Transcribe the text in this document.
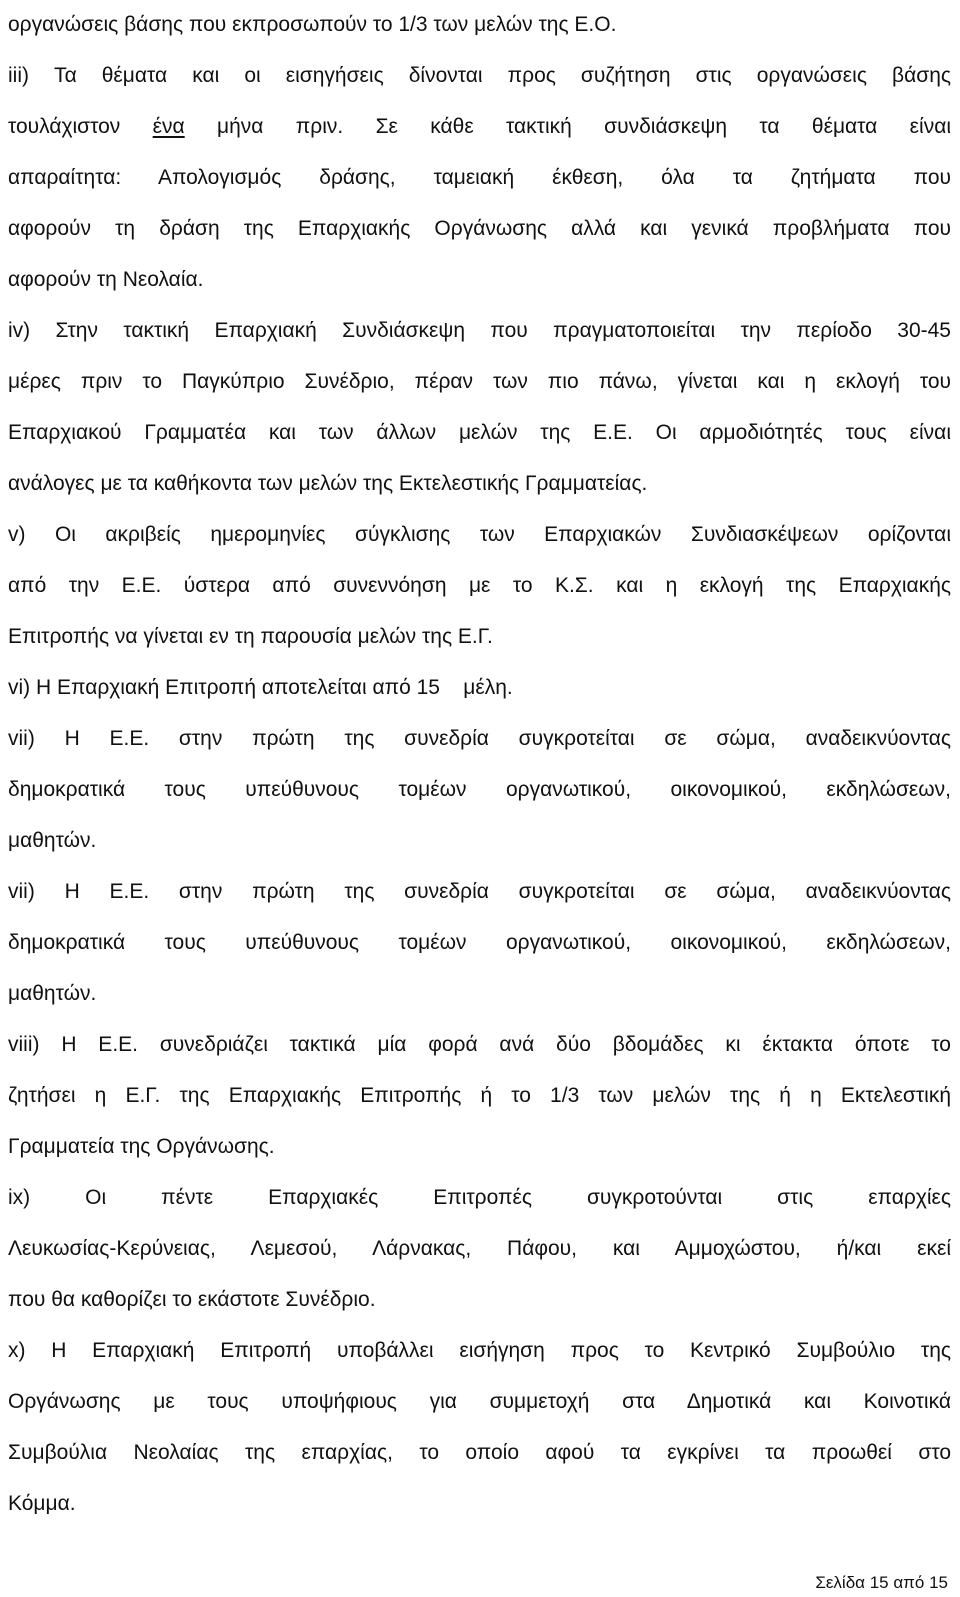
οργανώσεις βάσης που εκπροσωπούν το 1/3 των μελών της Ε.Ο.
iii) Τα θέματα και οι εισηγήσεις δίνονται προς συζήτηση στις οργανώσεις βάσης
τουλάχιστον ένα μήνα πριν. Σε κάθε τακτική συνδιάσκεψη τα θέματα είναι
απαραίτητα: Απολογισμός δράσης, ταμειακή έκθεση, όλα τα ζητήματα που
αφορούν τη δράση της Επαρχιακής Οργάνωσης αλλά και γενικά προβλήματα που
αφορούν τη Νεολαία.
iv) Στην τακτική Επαρχιακή Συνδιάσκεψη που πραγματοποιείται την περίοδο 30-45
μέρες πριν το Παγκύπριο Συνέδριο, πέραν των πιο πάνω, γίνεται και η εκλογή του
Επαρχιακού Γραμματέα και των άλλων μελών της Ε.Ε. Οι αρμοδιότητές τους είναι
ανάλογες με τα καθήκοντα των μελών της Εκτελεστικής Γραμματείας.
v) Οι ακριβείς ημερομηνίες σύγκλισης των Επαρχιακών Συνδιασκέψεων ορίζονται
από την Ε.Ε. ύστερα από συνεννόηση με το Κ.Σ. και η εκλογή της Επαρχιακής
Επιτροπής να γίνεται εν τη παρουσία μελών της Ε.Γ.
vi) Η Επαρχιακή Επιτροπή αποτελείται από 15    μέλη.
vii) Η Ε.Ε. στην πρώτη της συνεδρία συγκροτείται σε σώμα, αναδεικνύοντας
δημοκρατικά τους υπεύθυνους τομέων οργανωτικού, οικονομικού, εκδηλώσεων,
μαθητών.
vii) Η Ε.Ε. στην πρώτη της συνεδρία συγκροτείται σε σώμα, αναδεικνύοντας
δημοκρατικά τους υπεύθυνους τομέων οργανωτικού, οικονομικού, εκδηλώσεων,
μαθητών.
viii) Η Ε.Ε. συνεδριάζει τακτικά μία φορά ανά δύο βδομάδες κι έκτακτα όποτε το
ζητήσει η Ε.Γ. της Επαρχιακής Επιτροπής ή το 1/3 των μελών της ή η Εκτελεστική
Γραμματεία της Οργάνωσης.
ix) Οι πέντε Επαρχιακές Επιτροπές συγκροτούνται στις επαρχίες
Λευκωσίας-Κερύνειας, Λεμεσού, Λάρνακας, Πάφου, και Αμμοχώστου, ή/και εκεί
που θα καθορίζει το εκάστοτε Συνέδριο.
x) Η Επαρχιακή Επιτροπή υποβάλλει εισήγηση προς το Κεντρικό Συμβούλιο της
Οργάνωσης με τους υποψήφιους για συμμετοχή στα Δημοτικά και Κοινοτικά
Συμβούλια Νεολαίας της επαρχίας, το οποίο αφού τα εγκρίνει τα προωθεί στο
Κόμμα.
Σελίδα 15 από 15
